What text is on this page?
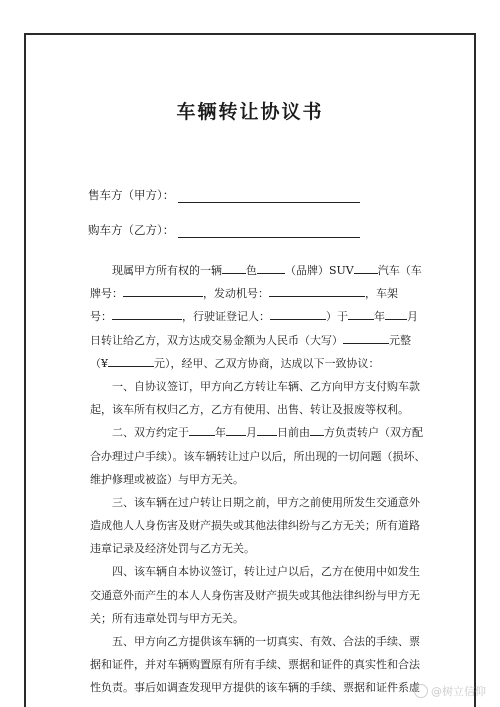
车辆转让协议书
售车方（甲方）：
购车方（乙方）：
现属甲方所有权的一辆 色	（品牌）SUV 汽车（车
牌号：	，发动机号：	，车架
号：	，行驶证登记人：	）于 年 月
日转让给乙方，双方达成交易金额为人民币（大写）	元整
（¥	元），经甲、乙双方协商，达成以下一致协议：
一、自协议签订，甲方向乙方转让车辆、乙方向甲方支付购车款
起，该车所有权归乙方，乙方有使用、出售、转让及报废等权利。
二、双方约定于 年 月 日前由 方负责转户（双方配
合办理过户手续）。该车辆转让过户以后，所出现的一切问题（损坏、
维护修理或被盗）与甲方无关。
三、该车辆在过户转让日期之前，甲方之前使用所发生交通意外
造成他人人身伤害及财产损失或其他法律纠纷与乙方无关；所有道路
违章记录及经济处罚与乙方无关。
四、该车辆自本协议签订，转让过户以后，乙方在使用中如发生
交通意外而产生的本人人身伤害及财产损失或其他法律纠纷与甲方无
关；所有违章处罚与甲方无关。
五、甲方向乙方提供该车辆的一切真实、有效、合法的手续、票
据和证件，并对车辆购置原有所有手续、票据和证件的真实性和合法
性负责。事后如调查发现甲方提供的该车辆的手续、票据和证件系虚 @树立信仰
